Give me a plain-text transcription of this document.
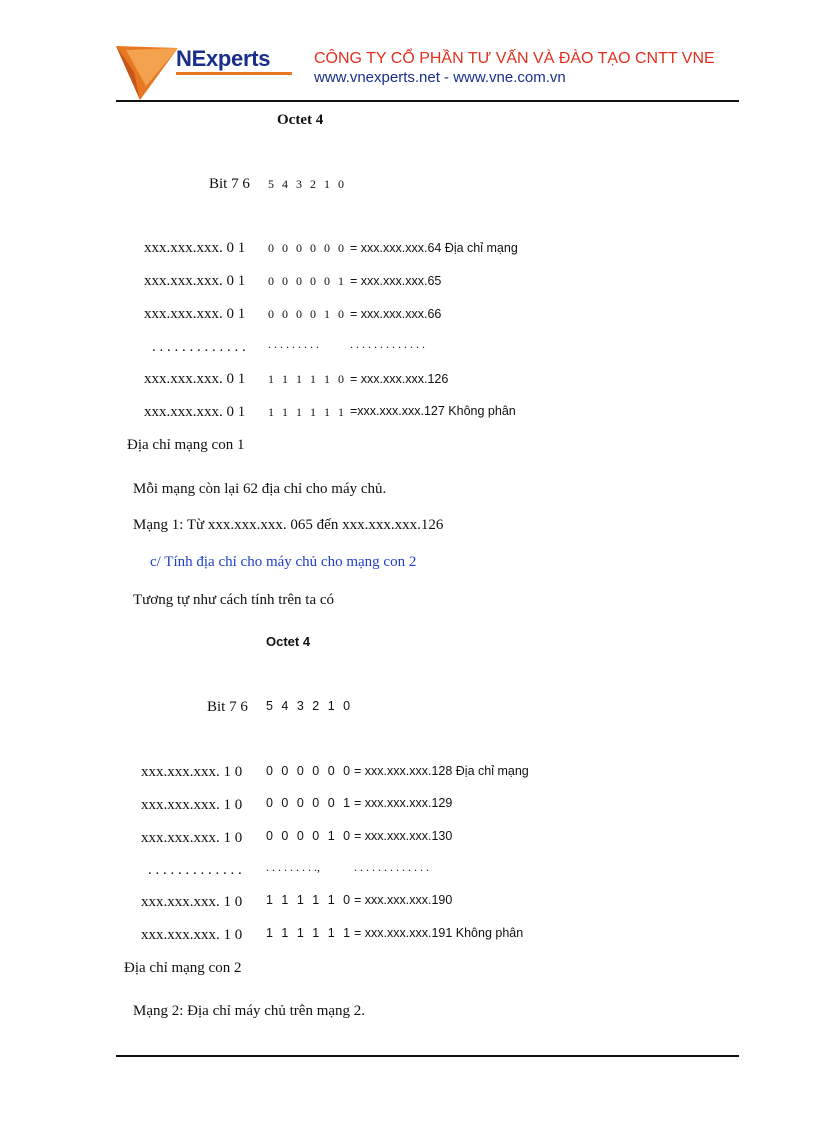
NExperts	CÔNG TY CỔ PHẦN TƯ VẤN VÀ ĐÀO TẠO CNTT VNE
www.vnexperts.net - www.vne.com.vn
Octet 4
Bit 7 6 5 4 3 2 1 0
xxx.xxx.xxx. 0 1 0 0 0 0 0 0 = xxx.xxx.xxx.64 Địa chỉ mạng
xxx.xxx.xxx. 0 1 0 0 0 0 0 1 = xxx.xxx.xxx.65
xxx.xxx.xxx. 0 1 0 0 0 0 1 0 = xxx.xxx.xxx.66
. . . . . . . . . . . . . . . . . . . . . .	. . . . . . . . . . . . .
xxx.xxx.xxx. 0 1 1 1 1 1 1 0 = xxx.xxx.xxx.126
xxx.xxx.xxx. 0 1 1 1 1 1 1 1 =xxx.xxx.xxx.127 Không phân
Địa chỉ mạng con 1
Mỗi mạng còn lại 62 địa chỉ cho máy chủ.
Mạng 1: Từ xxx.xxx.xxx. 065 đến xxx.xxx.xxx.126
c/ Tính địa chỉ cho máy chủ cho mạng con 2
Tương tự như cách tính trên ta có
Octet 4
Bit 7 6 5 4 3 2 1 0
xxx.xxx.xxx. 1 0 0 0 0 0 0 0 = xxx.xxx.xxx.128 Địa chỉ mạng
xxx.xxx.xxx. 1 0 0 0 0 0 0 1 = xxx.xxx.xxx.129
xxx.xxx.xxx. 1 0 0 0 0 0 1 0 = xxx.xxx.xxx.130
. . . . . . . . . . . . . . . . . . . . . .,	. . . . . . . . . . . . .
xxx.xxx.xxx. 1 0 1 1 1 1 1 0 = xxx.xxx.xxx.190
xxx.xxx.xxx. 1 0 1 1 1 1 1 1 = xxx.xxx.xxx.191 Không phân
Địa chỉ mạng con 2
Mạng 2: Địa chỉ máy chủ trên mạng 2.
